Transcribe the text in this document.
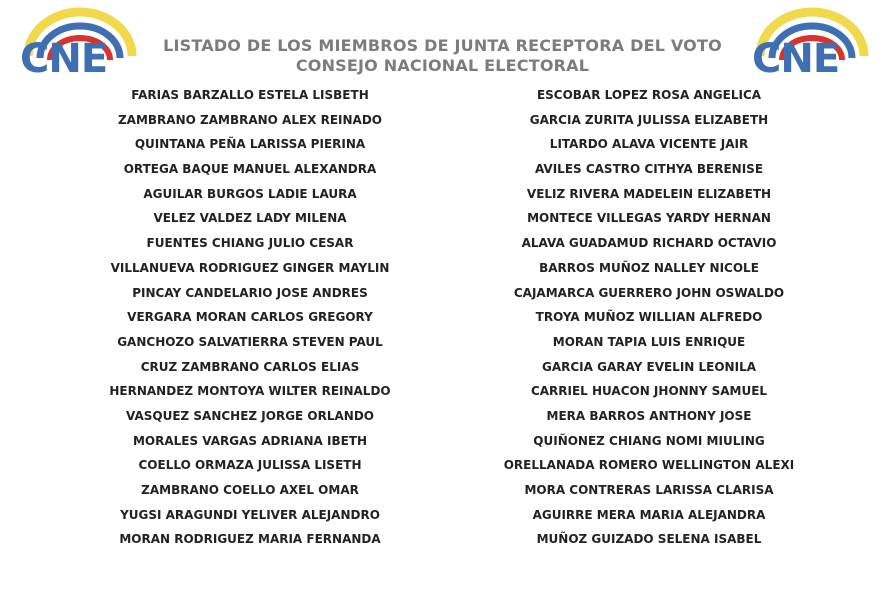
CNE	CNE
LISTADO DE LOS MIEMBROS DE JUNTA RECEPTORA DEL VOTO
CONSEJO NACIONAL ELECTORAL
FARIAS BARZALLO ESTELA LISBETH
ZAMBRANO ZAMBRANO ALEX REINADO
QUINTANA PEÑA LARISSA PIERINA
ORTEGA BAQUE MANUEL ALEXANDRA
AGUILAR BURGOS LADIE LAURA
VELEZ VALDEZ LADY MILENA
FUENTES CHIANG JULIO CESAR
VILLANUEVA RODRIGUEZ GINGER MAYLIN
PINCAY CANDELARIO JOSE ANDRES
VERGARA MORAN CARLOS GREGORY
GANCHOZO SALVATIERRA STEVEN PAUL
CRUZ ZAMBRANO CARLOS ELIAS
HERNANDEZ MONTOYA WILTER REINALDO
VASQUEZ SANCHEZ JORGE ORLANDO
MORALES VARGAS ADRIANA IBETH
COELLO ORMAZA JULISSA LISETH
ZAMBRANO COELLO AXEL OMAR
YUGSI ARAGUNDI YELIVER ALEJANDRO
MORAN RODRIGUEZ MARIA FERNANDA
ESCOBAR LOPEZ ROSA ANGELICA
GARCIA ZURITA JULISSA ELIZABETH
LITARDO ALAVA VICENTE JAIR
AVILES CASTRO CITHYA BERENISE
VELIZ RIVERA MADELEIN ELIZABETH
MONTECE VILLEGAS YARDY HERNAN
ALAVA GUADAMUD RICHARD OCTAVIO
BARROS MUÑOZ NALLEY NICOLE
CAJAMARCA GUERRERO JOHN OSWALDO
TROYA MUÑOZ WILLIAN ALFREDO
MORAN TAPIA LUIS ENRIQUE
GARCIA GARAY EVELIN LEONILA
CARRIEL HUACON JHONNY SAMUEL
MERA BARROS ANTHONY JOSE
QUIÑONEZ CHIANG NOMI MIULING
ORELLANADA ROMERO WELLINGTON ALEXI
MORA CONTRERAS LARISSA CLARISA
AGUIRRE MERA MARIA ALEJANDRA
MUÑOZ GUIZADO SELENA ISABEL
